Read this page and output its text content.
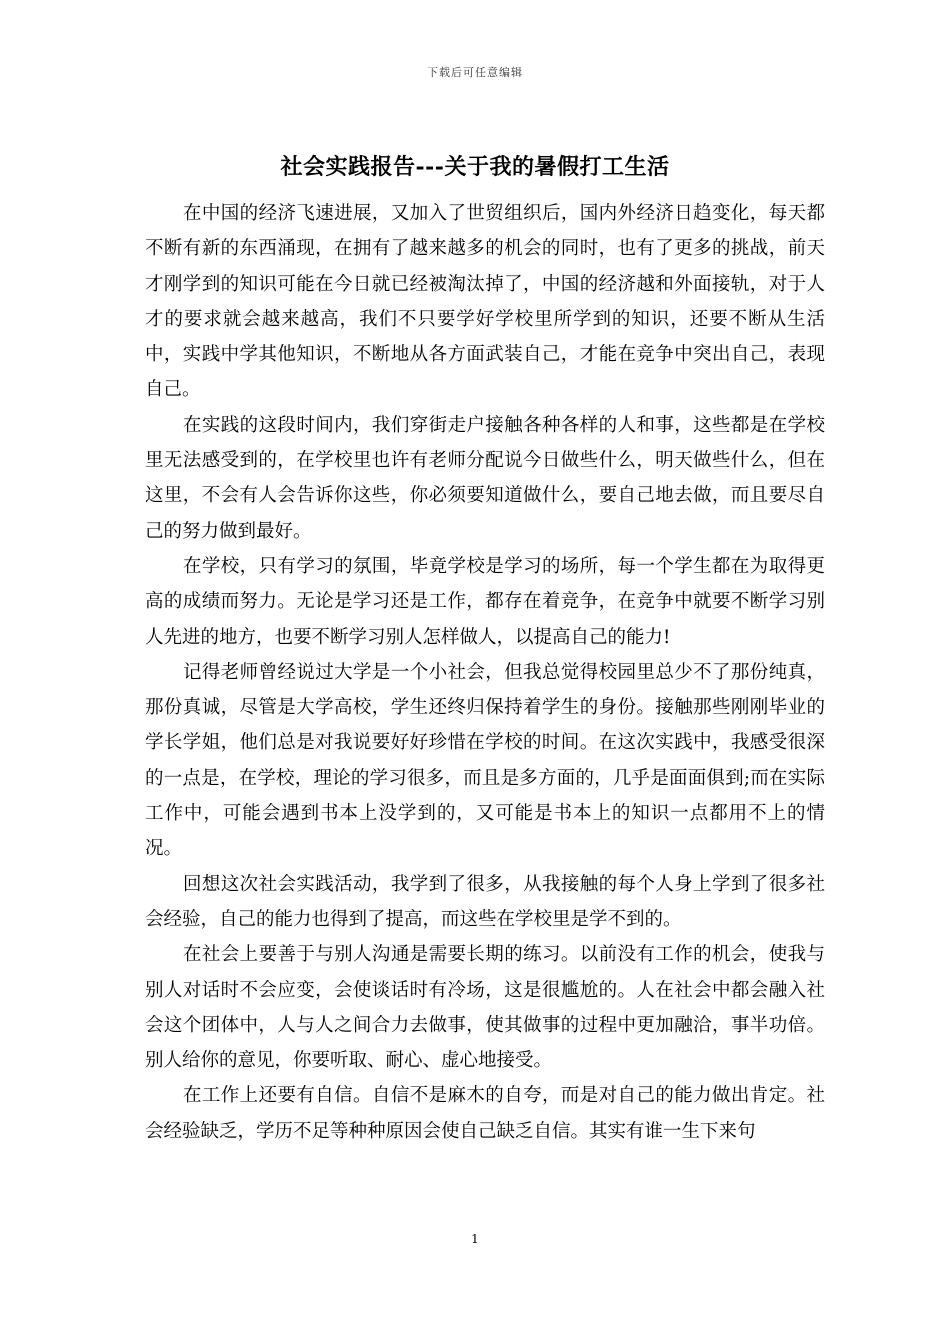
下载后可任意编辑
社会实践报告---关于我的暑假打工生活

在中国的经济飞速进展，又加入了世贸组织后，国内外经济日趋变化，每天都不断有新的东西涌现，在拥有了越来越多的机会的同时，也有了更多的挑战，前天才刚学到的知识可能在今日就已经被淘汰掉了，中国的经济越和外面接轨，对于人才的要求就会越来越高，我们不只要学好学校里所学到的知识，还要不断从生活中，实践中学其他知识，不断地从各方面武装自己，才能在竞争中突出自己，表现自己。

在实践的这段时间内，我们穿街走户接触各种各样的人和事，这些都是在学校里无法感受到的，在学校里也许有老师分配说今日做些什么，明天做些什么，但在这里，不会有人会告诉你这些，你必须要知道做什么，要自己地去做，而且要尽自己的努力做到最好。

在学校，只有学习的氛围，毕竟学校是学习的场所，每一个学生都在为取得更高的成绩而努力。无论是学习还是工作，都存在着竞争，在竞争中就要不断学习别人先进的地方，也要不断学习别人怎样做人，以提高自己的能力!

记得老师曾经说过大学是一个小社会，但我总觉得校园里总少不了那份纯真，那份真诚，尽管是大学高校，学生还终归保持着学生的身份。接触那些刚刚毕业的学长学姐，他们总是对我说要好好珍惜在学校的时间。在这次实践中，我感受很深的一点是，在学校，理论的学习很多，而且是多方面的，几乎是面面俱到;而在实际工作中，可能会遇到书本上没学到的，又可能是书本上的知识一点都用不上的情况。

回想这次社会实践活动，我学到了很多，从我接触的每个人身上学到了很多社会经验，自己的能力也得到了提高，而这些在学校里是学不到的。

在社会上要善于与别人沟通是需要长期的练习。以前没有工作的机会，使我与别人对话时不会应变，会使谈话时有冷场，这是很尴尬的。人在社会中都会融入社会这个团体中，人与人之间合力去做事，使其做事的过程中更加融洽，事半功倍。别人给你的意见，你要听取、耐心、虚心地接受。

在工作上还要有自信。自信不是麻木的自夸，而是对自己的能力做出肯定。社会经验缺乏，学历不足等种种原因会使自己缺乏自信。其实有谁一生下来句

1
